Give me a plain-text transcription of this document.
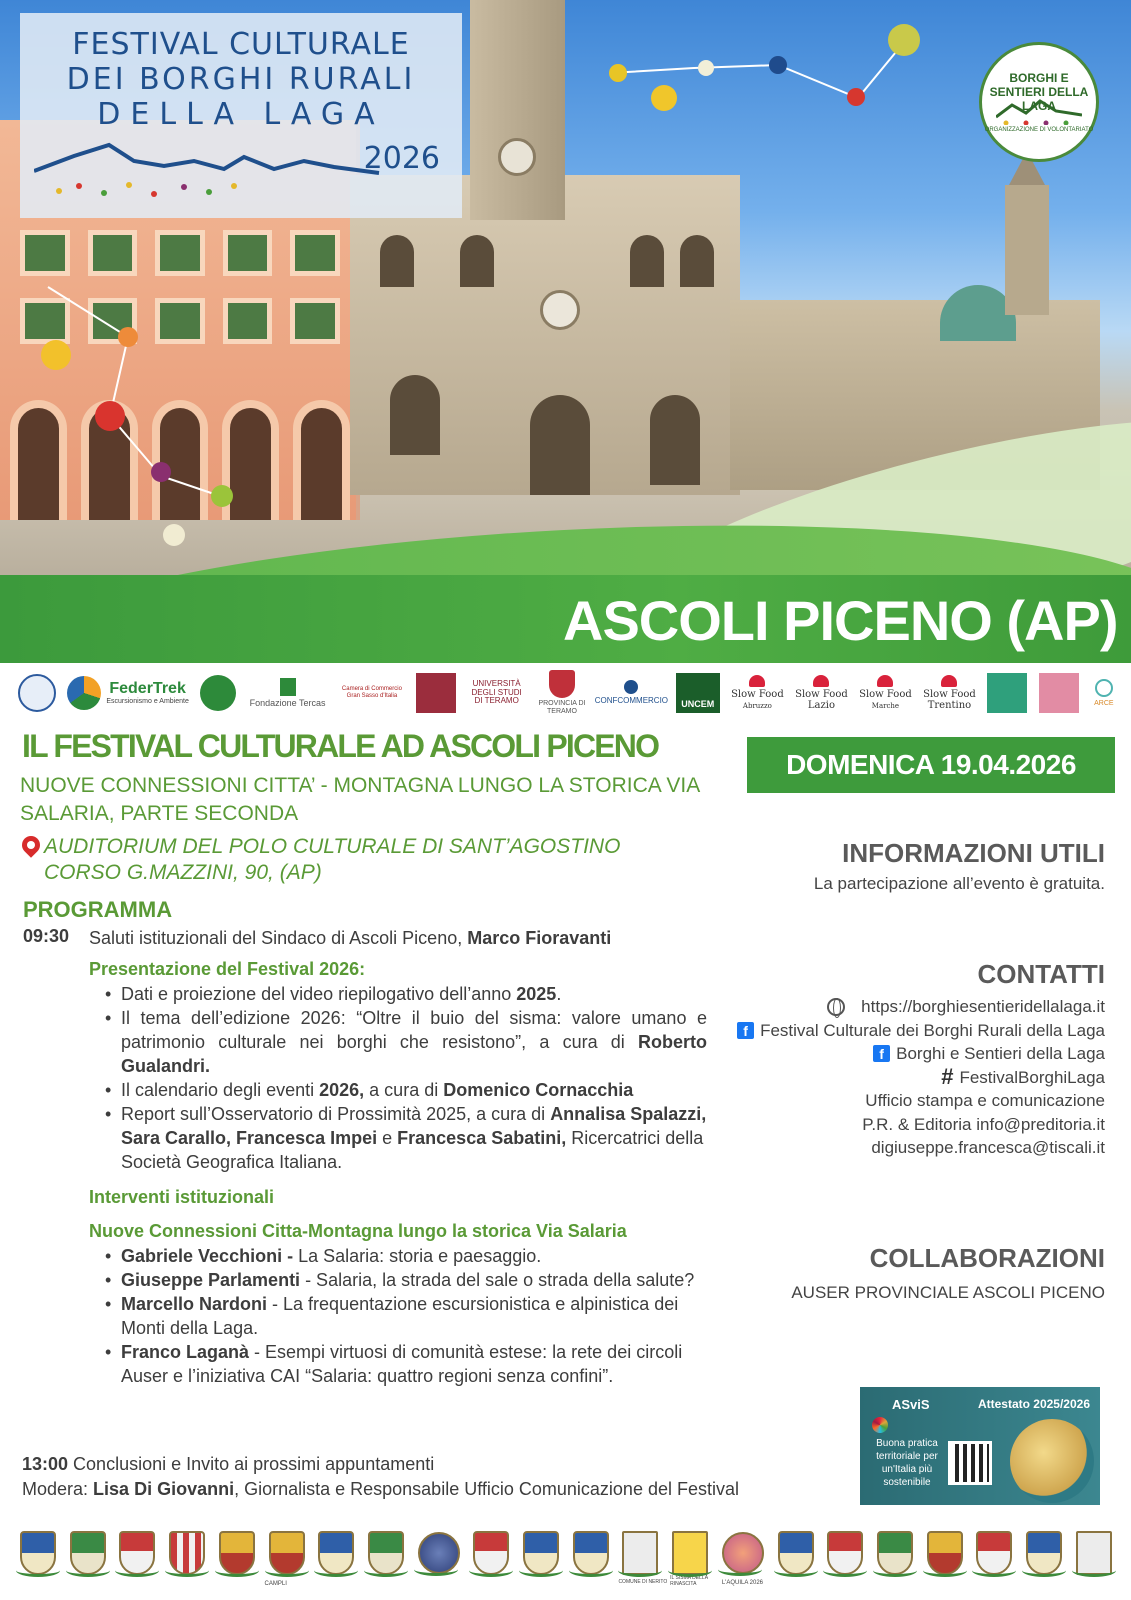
FESTIVAL CULTURALE
DEI BORGHI RURALI
DELLA LAGA
2026
BORGHI E SENTIERI DELLA LAGA
ORGANIZZAZIONE DI VOLONTARIATO
ASCOLI PICENO (AP)
FederTrek
Escursionismo e Ambiente	Fondazione Tercas
Camera di Commercio Gran Sasso d'Italia
UNIVERSITÀ DEGLI STUDI DI TERAMO	PROVINCIA DI TERAMO
CONFCOMMERCIO	UNCEM
Slow Food
Abruzzo
Slow Food
Lazio
Slow Food
Marche
Slow Food
Trentino	ARCE
IL FESTIVAL CULTURALE AD ASCOLI PICENO
NUOVE CONNESSIONI CITTA’ - MONTAGNA LUNGO LA STORICA VIA SALARIA, PARTE SECONDA
AUDITORIUM DEL POLO CULTURALE DI SANT’AGOSTINO
CORSO G.MAZZINI, 90, (AP)
PROGRAMMA
09:30 Saluti istituzionali del Sindaco di Ascoli Piceno, Marco Fioravanti
Presentazione del Festival 2026:
• Dati e proiezione del video riepilogativo dell’anno 2025.
• Il tema dell’edizione 2026: “Oltre il buio del sisma: valore umano e patrimonio culturale nei borghi che resistono”, a cura di Roberto Gualandri.
• Il calendario degli eventi 2026, a cura di Domenico Cornacchia
• Report sull’Osservatorio di Prossimità 2025, a cura di Annalisa Spalazzi, Sara Carallo, Francesca Impei e Francesca Sabatini, Ricercatrici della Società Geografica Italiana.
Interventi istituzionali
Nuove Connessioni Citta-Montagna lungo la storica Via Salaria
• Gabriele Vecchioni - La Salaria: storia e paesaggio.
• Giuseppe Parlamenti - Salaria, la strada del sale o strada della salute?
• Marcello Nardoni - La frequentazione escursionistica e alpinistica dei Monti della Laga.
• Franco Laganà - Esempi virtuosi di comunità estese: la rete dei circoli Auser e l’iniziativa CAI “Salaria: quattro regioni senza confini”.
13:00 Conclusioni e Invito ai prossimi appuntamenti
Modera: Lisa Di Giovanni, Giornalista e Responsabile Ufficio Comunicazione del Festival
DOMENICA 19.04.2026
INFORMAZIONI UTILI
La partecipazione all’evento è gratuita.
CONTATTI
https://borghiesentieridellalaga.it
f Festival Culturale dei Borghi Rurali della Laga
f Borghi e Sentieri della Laga
# FestivalBorghiLaga
Ufficio stampa e comunicazione
P.R. & Editoria info@preditoria.it
digiuseppe.francesca@tiscali.it
COLLABORAZIONI
AUSER PROVINCIALE ASCOLI PICENO
ASviS	Attestato 2025/2026
Buona pratica territoriale per un'Italia più sostenibile
CAMPLI	COMUNE DI NERITO
IL SISMA DELLA RINASCITA	L'AQUILA 2026
